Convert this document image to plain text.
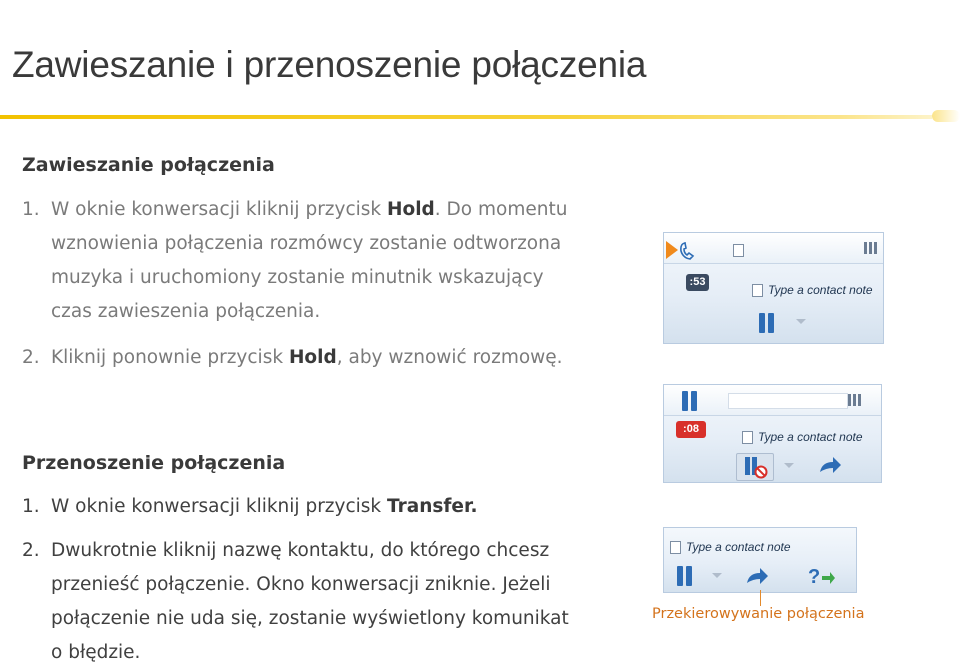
Zawieszanie i przenoszenie połączenia
Zawieszanie połączenia
1. W oknie konwersacji kliknij przycisk Hold. Do momentu
wznowienia połączenia rozmówcy zostanie odtworzona
muzyka i uruchomiony zostanie minutnik wskazujący
czas zawieszenia połączenia.
2. Kliknij ponownie przycisk Hold, aby wznowić rozmowę.
Przenoszenie połączenia
1. W oknie konwersacji kliknij przycisk Transfer.
2. Dwukrotnie kliknij nazwę kontaktu, do którego chcesz
przenieść połączenie. Okno konwersacji zniknie. Jeżeli
połączenie nie uda się, zostanie wyświetlony komunikat
o błędzie.
:53
Type a contact note
:08
Type a contact note
Type a contact note
?
Przekierowywanie połączenia
